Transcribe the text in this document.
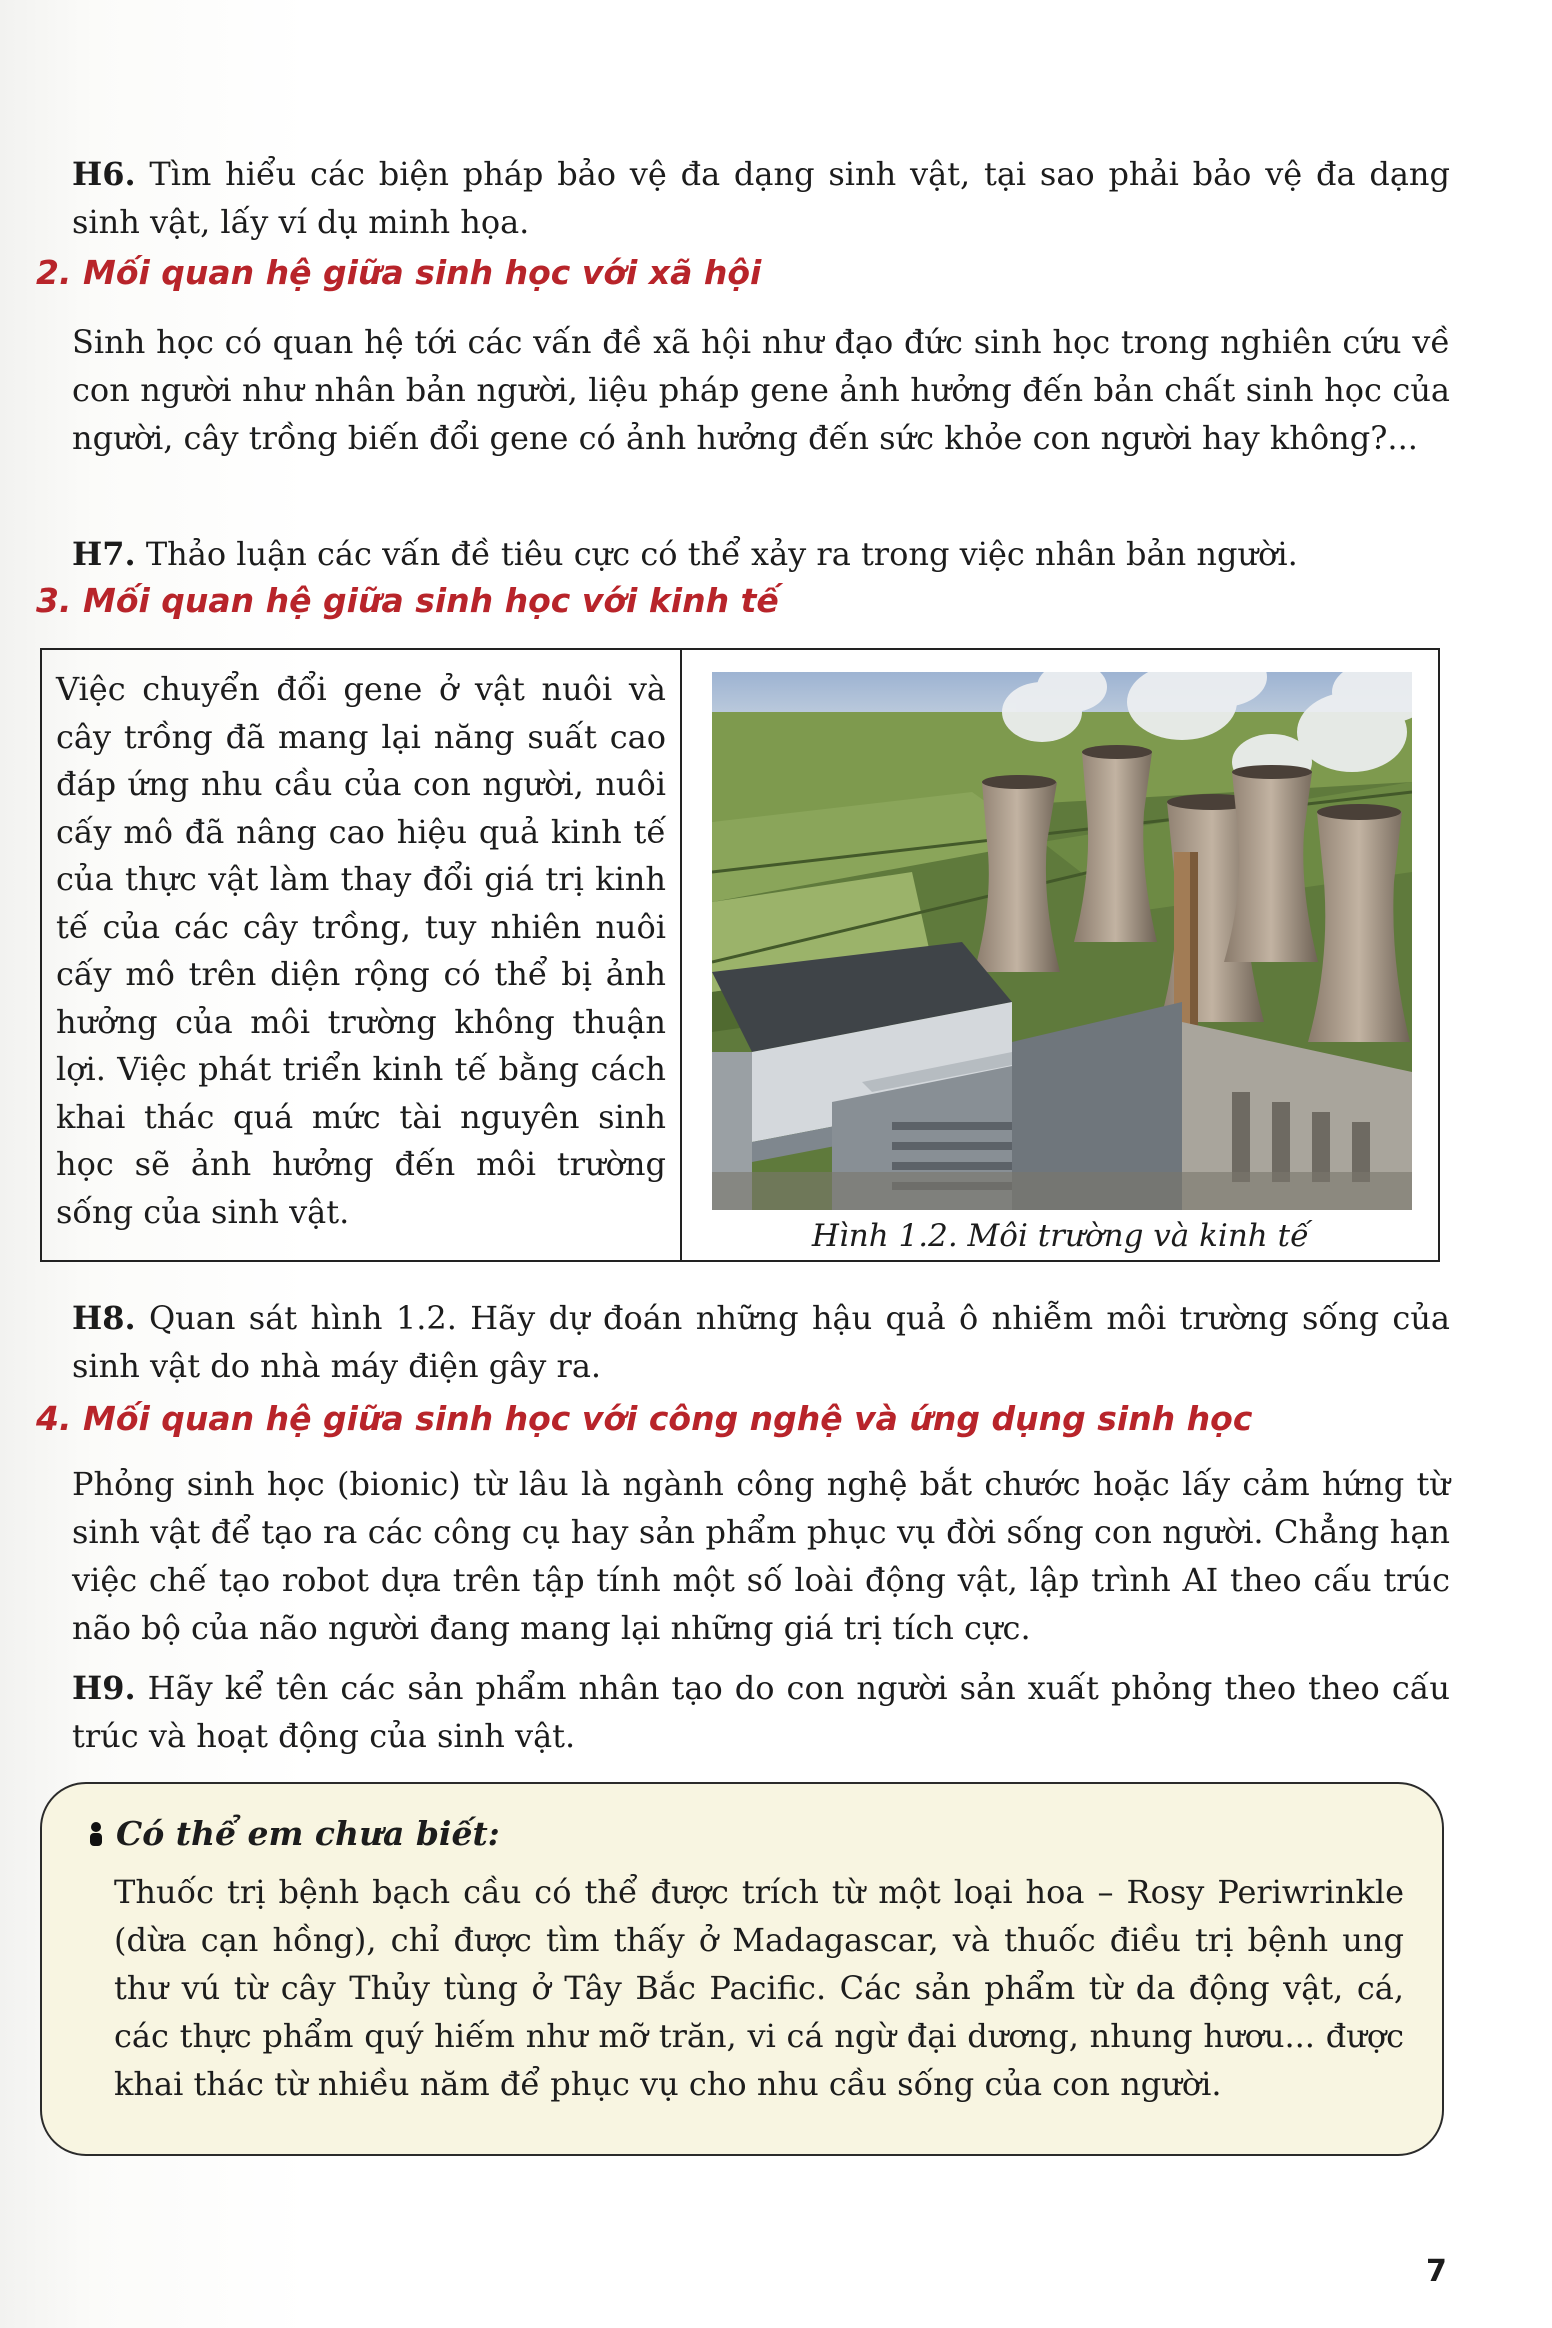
H6. Tìm hiểu các biện pháp bảo vệ đa dạng sinh vật, tại sao phải bảo vệ đa dạng sinh vật, lấy ví dụ minh họa.
2. Mối quan hệ giữa sinh học với xã hội
Sinh học có quan hệ tới các vấn đề xã hội như đạo đức sinh học trong nghiên cứu về con người như nhân bản người, liệu pháp gene ảnh hưởng đến bản chất sinh học của người, cây trồng biến đổi gene có ảnh hưởng đến sức khỏe con người hay không?...
H7. Thảo luận các vấn đề tiêu cực có thể xảy ra trong việc nhân bản người.
3. Mối quan hệ giữa sinh học với kinh tế
Việc chuyển đổi gene ở vật nuôi và cây trồng đã mang lại năng suất cao đáp ứng nhu cầu của con người, nuôi cấy mô đã nâng cao hiệu quả kinh tế của thực vật làm thay đổi giá trị kinh tế của các cây trồng, tuy nhiên nuôi cấy mô trên diện rộng có thể bị ảnh hưởng của môi trường không thuận lợi. Việc phát triển kinh tế bằng cách khai thác quá mức tài nguyên sinh học sẽ ảnh hưởng đến môi trường sống của sinh vật.
Hình 1.2. Môi trường và kinh tế
H8. Quan sát hình 1.2. Hãy dự đoán những hậu quả ô nhiễm môi trường sống của sinh vật do nhà máy điện gây ra.
4. Mối quan hệ giữa sinh học với công nghệ và ứng dụng sinh học
Phỏng sinh học (bionic) từ lâu là ngành công nghệ bắt chước hoặc lấy cảm hứng từ sinh vật để tạo ra các công cụ hay sản phẩm phục vụ đời sống con người. Chẳng hạn việc chế tạo robot dựa trên tập tính một số loài động vật, lập trình AI theo cấu trúc não bộ của não người đang mang lại những giá trị tích cực.
H9. Hãy kể tên các sản phẩm nhân tạo do con người sản xuất phỏng theo theo cấu trúc và hoạt động của sinh vật.
Có thể em chưa biết:
Thuốc trị bệnh bạch cầu có thể được trích từ một loại hoa – Rosy Periwrinkle (dừa cạn hồng), chỉ được tìm thấy ở Madagascar, và thuốc điều trị bệnh ung thư vú từ cây Thủy tùng ở Tây Bắc Pacific. Các sản phẩm từ da động vật, cá, các thực phẩm quý hiếm như mỡ trăn, vi cá ngừ đại dương, nhung hươu... được khai thác từ nhiều năm để phục vụ cho nhu cầu sống của con người.
7
